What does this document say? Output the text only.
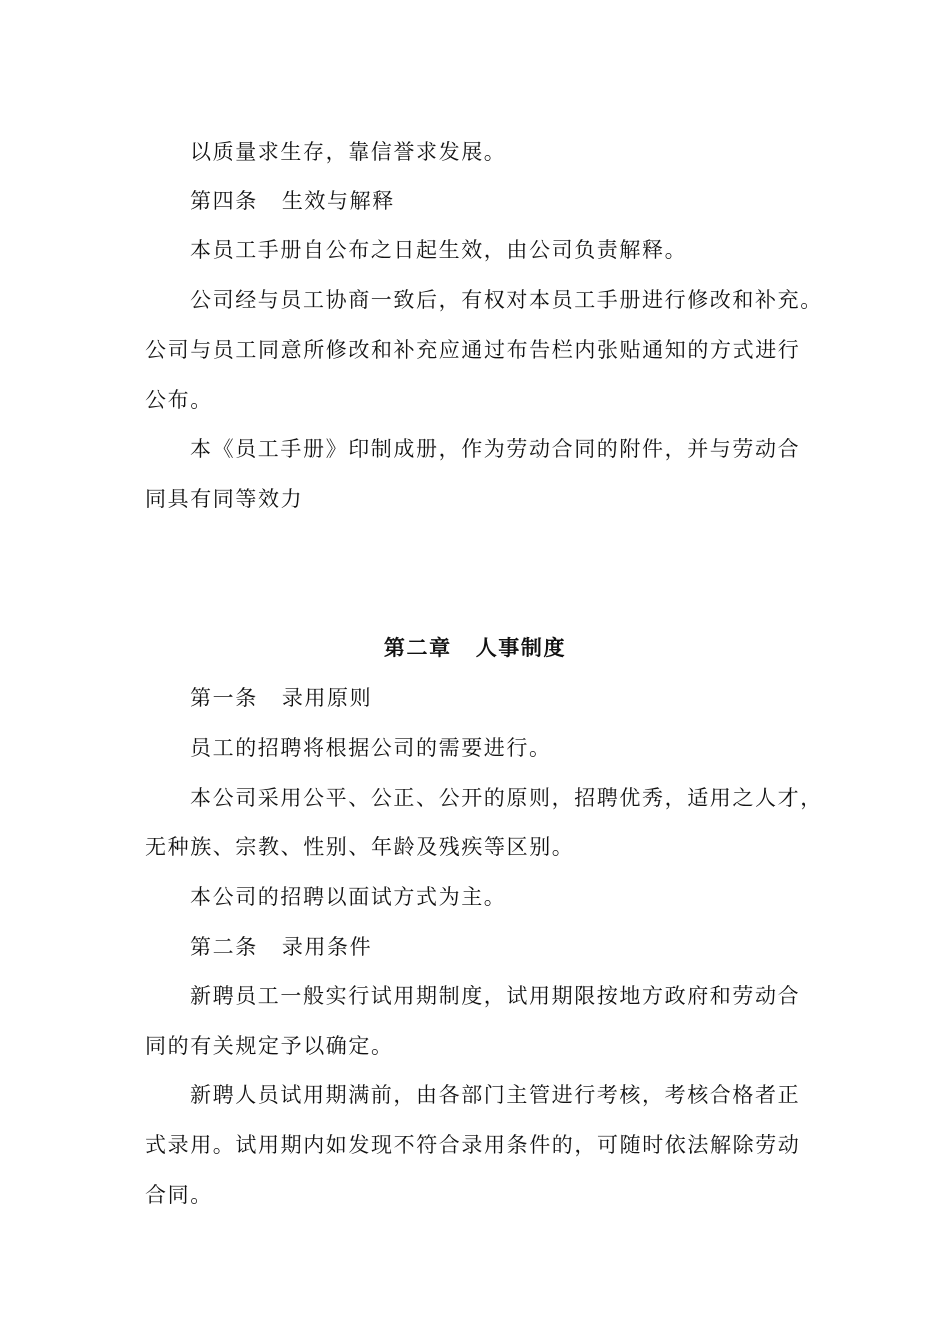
以质量求生存，靠信誉求发展。
第四条 生效与解释
本员工手册自公布之日起生效，由公司负责解释。
公司经与员工协商一致后，有权对本员工手册进行修改和补充。
公司与员工同意所修改和补充应通过布告栏内张贴通知的方式进行
公布。
本《员工手册》印制成册，作为劳动合同的附件，并与劳动合
同具有同等效力
第二章 人事制度
第一条 录用原则
员工的招聘将根据公司的需要进行。
本公司采用公平、公正、公开的原则，招聘优秀，适用之人才，
无种族、宗教、性别、年龄及残疾等区别。
本公司的招聘以面试方式为主。
第二条 录用条件
新聘员工一般实行试用期制度，试用期限按地方政府和劳动合
同的有关规定予以确定。
新聘人员试用期满前，由各部门主管进行考核，考核合格者正
式录用。试用期内如发现不符合录用条件的，可随时依法解除劳动
合同。
